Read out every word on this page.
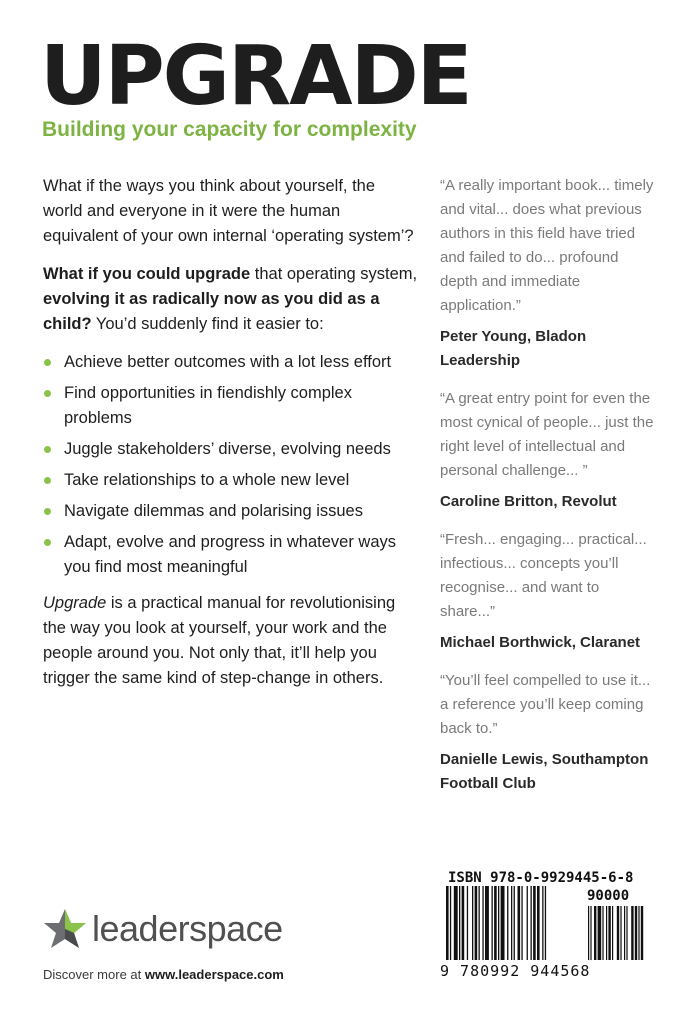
UPGRADE
Building your capacity for complexity

What if the ways you think about yourself, the world and everyone in it were the human equivalent of your own internal ‘operating system’?

What if you could upgrade that operating system, evolving it as radically now as you did as a child? You’d suddenly find it easier to:

Achieve better outcomes with a lot less effort
Find opportunities in fiendishly complex problems
Juggle stakeholders’ diverse, evolving needs
Take relationships to a whole new level
Navigate dilemmas and polarising issues
Adapt, evolve and progress in whatever ways you find most meaningful

Upgrade is a practical manual for revolutionising the way you look at yourself, your work and the people around you. Not only that, it’ll help you trigger the same kind of step-change in others.

“A really important book... timely and vital... does what previous authors in this field have tried and failed to do... profound depth and immediate application.”
Peter Young, Bladon Leadership
“A great entry point for even the most cynical of people... just the right level of intellectual and personal challenge... ”
Caroline Britton, Revolut
“Fresh... engaging... practical... infectious... concepts you’ll recognise... and want to share...”
Michael Borthwick, Claranet
“You’ll feel compelled to use it... a reference you’ll keep coming back to.”
Danielle Lewis, Southampton Football Club
leaderspace
Discover more at www.leaderspace.com
ISBN 978-0-9929445-6-8
90000
9 780992 944568
